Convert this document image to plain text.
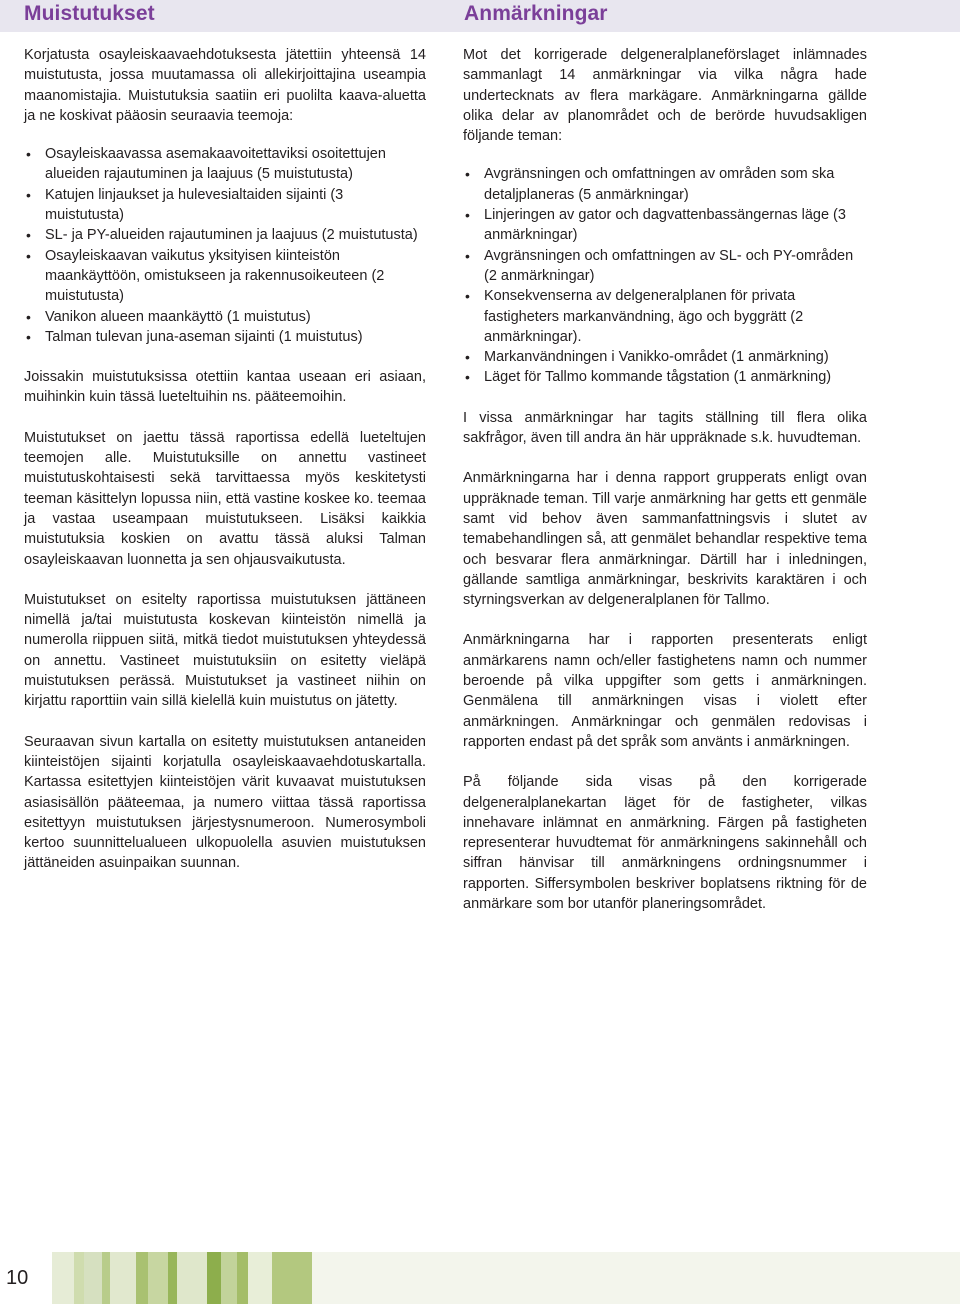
Muistutukset

Korjatusta osayleiskaavaehdotuksesta jätettiin yhteensä 14 muistutusta, jossa muutamassa oli allekirjoittajina useampia maanomistajia. Muistutuksia saatiin eri puolilta kaava-aluetta ja ne koskivat pääosin seuraavia teemoja:

• Osayleiskaavassa asemakaavoitettaviksi osoitettujen alueiden rajautuminen ja laajuus (5 muistutusta)
• Katujen linjaukset ja hulevesialtaiden sijainti (3 muistutusta)
• SL- ja PY-alueiden rajautuminen ja laajuus (2 muistutusta)
• Osayleiskaavan vaikutus yksityisen kiinteistön maankäyttöön, omistukseen ja rakennusoikeuteen (2 muistutusta)
• Vanikon alueen maankäyttö (1 muistutus)
• Talman tulevan juna-aseman sijainti (1 muistutus)

Joissakin muistutuksissa otettiin kantaa useaan eri asiaan, muihinkin kuin tässä lueteltuihin ns. pääteemoihin.

Muistutukset on jaettu tässä raportissa edellä lueteltujen teemojen alle. Muistutuksille on annettu vastineet muistutuskohtaisesti sekä tarvittaessa myös keskitetysti teeman käsittelyn lopussa niin, että vastine koskee ko. teemaa ja vastaa useampaan muistutukseen. Lisäksi kaikkia muistutuksia koskien on avattu tässä aluksi Talman osayleiskaavan luonnetta ja sen ohjausvaikutusta.

Muistutukset on esitelty raportissa muistutuksen jättäneen nimellä ja/tai muistutusta koskevan kiinteistön nimellä ja numerolla riippuen siitä, mitkä tiedot muistutuksen yhteydessä on annettu. Vastineet muistutuksiin on esitetty vieläpä muistutuksen perässä. Muistutukset ja vastineet niihin on kirjattu raporttiin vain sillä kielellä kuin muistutus on jätetty.

Seuraavan sivun kartalla on esitetty muistutuksen antaneiden kiinteistöjen sijainti korjatulla osayleiskaavaehdotuskartalla. Kartassa esitettyjen kiinteistöjen värit kuvaavat muistutuksen asiasisällön pääteemaa, ja numero viittaa tässä raportissa esitettyyn muistutuksen järjestysnumeroon. Numerosymboli kertoo suunnittelualueen ulkopuolella asuvien muistutuksen jättäneiden asuinpaikan suunnan.

Anmärkningar

Mot det korrigerade delgeneralplaneförslaget inlämnades sammanlagt 14 anmärkningar via vilka några hade undertecknats av flera markägare. Anmärkningarna gällde olika delar av planområdet och de berörde huvudsakligen följande teman:

• Avgränsningen och omfattningen av områden som ska detaljplaneras (5 anmärkningar)
• Linjeringen av gator och dagvattenbassängernas läge (3 anmärkningar)
• Avgränsningen och omfattningen av SL- och PY-områden (2 anmärkningar)
• Konsekvenserna av delgeneralplanen för privata fastigheters markanvändning, ägo och byggrätt (2 anmärkningar).
• Markanvändningen i Vanikko-området (1 anmärkning)
• Läget för Tallmo kommande tågstation (1 anmärkning)

I vissa anmärkningar har tagits ställning till flera olika sakfrågor, även till andra än här uppräknade s.k. huvudteman.

Anmärkningarna har i denna rapport grupperats enligt ovan uppräknade teman. Till varje anmärkning har getts ett genmäle samt vid behov även sammanfattningsvis i slutet av temabehandlingen så, att genmälet behandlar respektive tema och besvarar flera anmärkningar. Därtill har i inledningen, gällande samtliga anmärkningar, beskrivits karaktären i och styrningsverkan av delgeneralplanen för Tallmo.

Anmärkningarna har i rapporten presenterats enligt anmärkarens namn och/eller fastighetens namn och nummer beroende på vilka uppgifter som getts i anmärkningen. Genmälena till anmärkningen visas i violett efter anmärkningen. Anmärkningar och genmälen redovisas i rapporten endast på det språk som använts i anmärkningen.

På följande sida visas på den korrigerade delgeneralplanekartan läget för de fastigheter, vilkas innehavare inlämnat en anmärkning. Färgen på fastigheten representerar huvudtemat för anmärkningens sakinnehåll och siffran hänvisar till anmärkningens ordningsnummer i rapporten. Siffersymbolen beskriver boplatsens riktning för de anmärkare som bor utanför planeringsområdet.

10
